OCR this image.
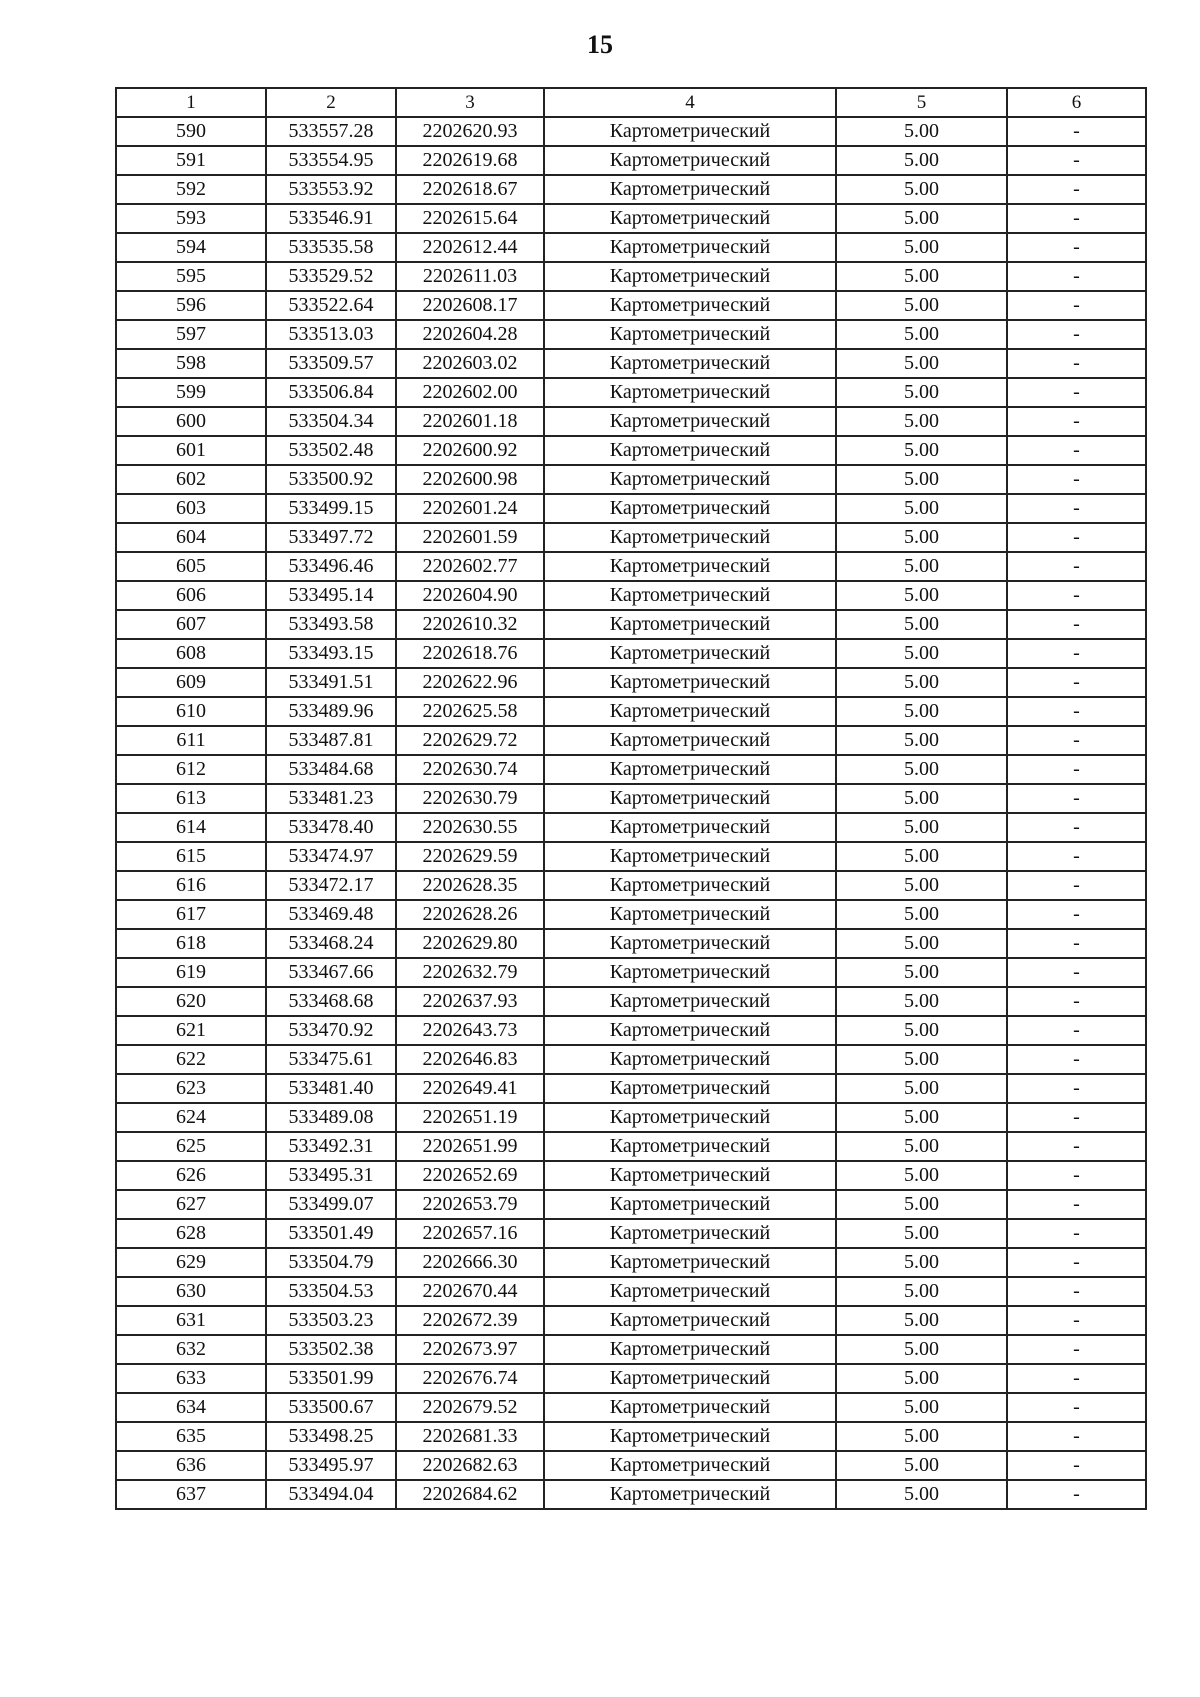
15
1	2	3	4	5	6
590	533557.28	2202620.93	Картометрический	5.00	-
591	533554.95	2202619.68	Картометрический	5.00	-
592	533553.92	2202618.67	Картометрический	5.00	-
593	533546.91	2202615.64	Картометрический	5.00	-
594	533535.58	2202612.44	Картометрический	5.00	-
595	533529.52	2202611.03	Картометрический	5.00	-
596	533522.64	2202608.17	Картометрический	5.00	-
597	533513.03	2202604.28	Картометрический	5.00	-
598	533509.57	2202603.02	Картометрический	5.00	-
599	533506.84	2202602.00	Картометрический	5.00	-
600	533504.34	2202601.18	Картометрический	5.00	-
601	533502.48	2202600.92	Картометрический	5.00	-
602	533500.92	2202600.98	Картометрический	5.00	-
603	533499.15	2202601.24	Картометрический	5.00	-
604	533497.72	2202601.59	Картометрический	5.00	-
605	533496.46	2202602.77	Картометрический	5.00	-
606	533495.14	2202604.90	Картометрический	5.00	-
607	533493.58	2202610.32	Картометрический	5.00	-
608	533493.15	2202618.76	Картометрический	5.00	-
609	533491.51	2202622.96	Картометрический	5.00	-
610	533489.96	2202625.58	Картометрический	5.00	-
611	533487.81	2202629.72	Картометрический	5.00	-
612	533484.68	2202630.74	Картометрический	5.00	-
613	533481.23	2202630.79	Картометрический	5.00	-
614	533478.40	2202630.55	Картометрический	5.00	-
615	533474.97	2202629.59	Картометрический	5.00	-
616	533472.17	2202628.35	Картометрический	5.00	-
617	533469.48	2202628.26	Картометрический	5.00	-
618	533468.24	2202629.80	Картометрический	5.00	-
619	533467.66	2202632.79	Картометрический	5.00	-
620	533468.68	2202637.93	Картометрический	5.00	-
621	533470.92	2202643.73	Картометрический	5.00	-
622	533475.61	2202646.83	Картометрический	5.00	-
623	533481.40	2202649.41	Картометрический	5.00	-
624	533489.08	2202651.19	Картометрический	5.00	-
625	533492.31	2202651.99	Картометрический	5.00	-
626	533495.31	2202652.69	Картометрический	5.00	-
627	533499.07	2202653.79	Картометрический	5.00	-
628	533501.49	2202657.16	Картометрический	5.00	-
629	533504.79	2202666.30	Картометрический	5.00	-
630	533504.53	2202670.44	Картометрический	5.00	-
631	533503.23	2202672.39	Картометрический	5.00	-
632	533502.38	2202673.97	Картометрический	5.00	-
633	533501.99	2202676.74	Картометрический	5.00	-
634	533500.67	2202679.52	Картометрический	5.00	-
635	533498.25	2202681.33	Картометрический	5.00	-
636	533495.97	2202682.63	Картометрический	5.00	-
637	533494.04	2202684.62	Картометрический	5.00	-
